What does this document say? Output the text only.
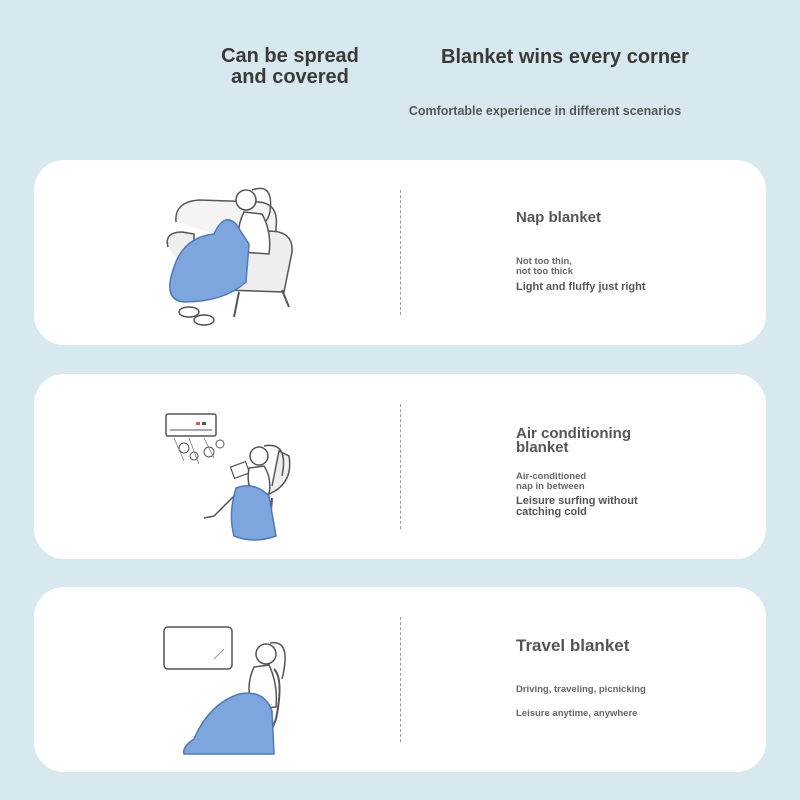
Can be spread
and covered
Blanket wins every corner
Comfortable experience in different scenarios
Nap blanket
Not too thin,
not too thick
Light and fluffy just right
Air conditioning
blanket
Air-conditioned
nap in between
Leisure surfing without
catching cold
Travel blanket
Driving, traveling, picnicking
Leisure anytime, anywhere
